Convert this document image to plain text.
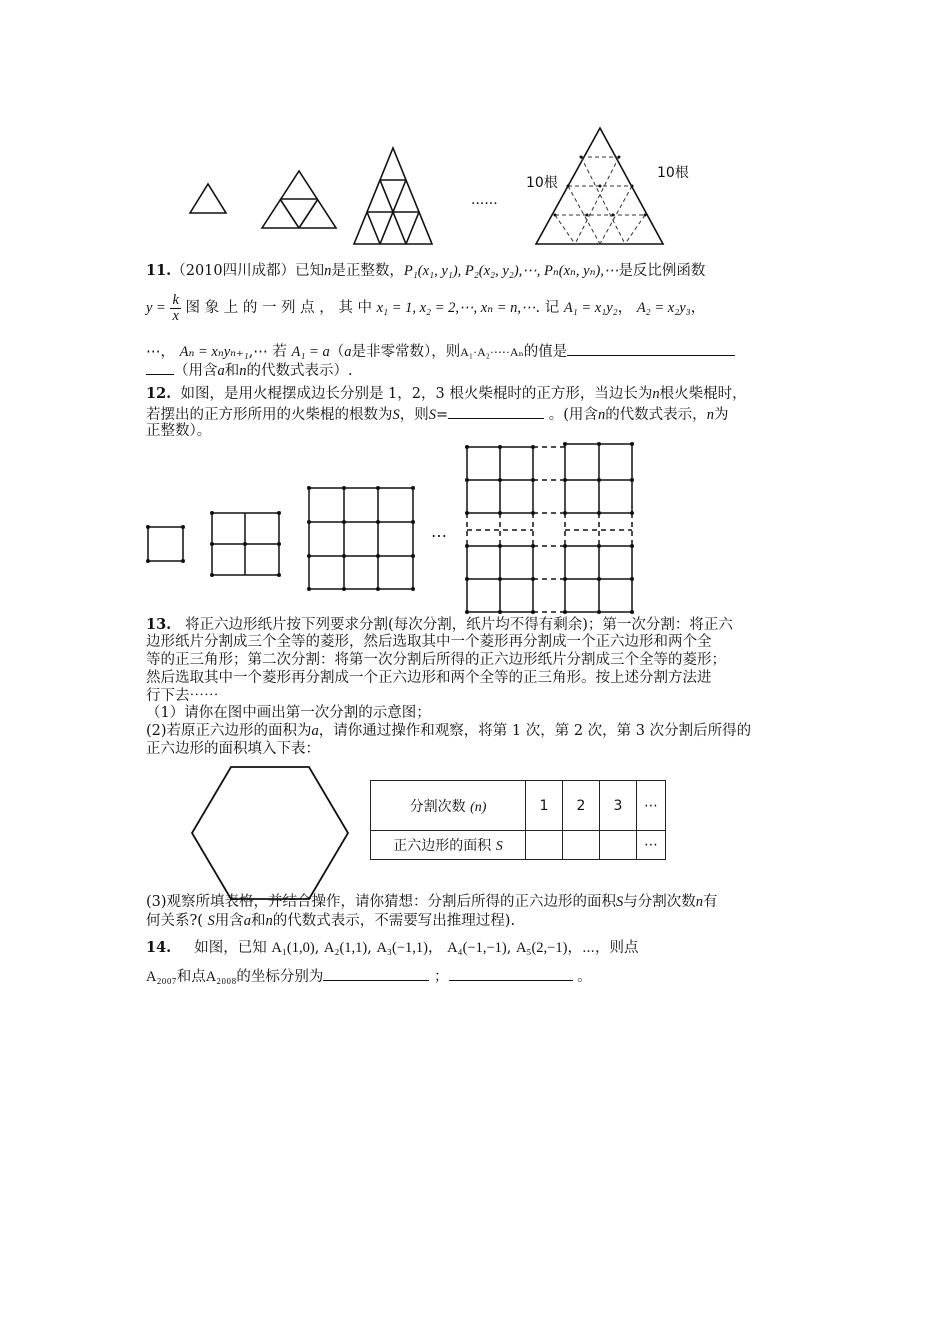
......
10根
10根
11.（2010四川成都）已知n是正整数，P₁(x₁, y₁), P₂(x₂, y₂),⋯, Pₙ(xₙ, yₙ),⋯是反比例函数
$y = \frac{k}{x}$ 图 象 上 的 一 列 点 ， 其 中 x₁ = 1, x₂ = 2,⋯, xₙ = n,⋯. 记 A₁ = x₁y₂， A₂ = x₂y₃，
⋯， Aₙ = xₙyₙ₊₁,⋯ 若 A₁ = a（a是非零常数），则A₁·A₂·⋯·Aₙ的值是
（用含a和n的代数式表示）.
12. 如图，是用火棍摆成边长分别是 1，2，3 根火柴棍时的正方形，当边长为n根火柴棍时，
若摆出的正方形所用的火柴棍的根数为S，则S=	。(用含n的代数式表示，n为
正整数）。
⋯
13. 将正六边形纸片按下列要求分割(每次分割，纸片均不得有剩余)；第一次分割：将正六
边形纸片分割成三个全等的菱形，然后选取其中一个菱形再分割成一个正六边形和两个全
等的正三角形；第二次分割：将第一次分割后所得的正六边形纸片分割成三个全等的菱形；
然后选取其中一个菱形再分割成一个正六边形和两个全等的正三角形。按上述分割方法进
行下去⋯⋯
（1）请你在图中画出第一次分割的示意图；
(2)若原正六边形的面积为a，请你通过操作和观察，将第 1 次，第 2 次，第 3 次分割后所得的
正六边形的面积填入下表：
分割次数 (n)	1	2	3	⋯
正六边形的面积 S				⋯
(3)观察所填表格，并结合操作，请你猜想：分割后所得的正六边形的面积S与分割次数n有
何关系?( S用含a和n的代数式表示，不需要写出推理过程).
14. 如图，已知 A₁(1,0), A₂(1,1), A₃(−1,1)， A₄(−1,−1), A₅(2,−1)，⋯，则点
A₂₀₀₇和点A₂₀₀₈的坐标分别为	；	。
